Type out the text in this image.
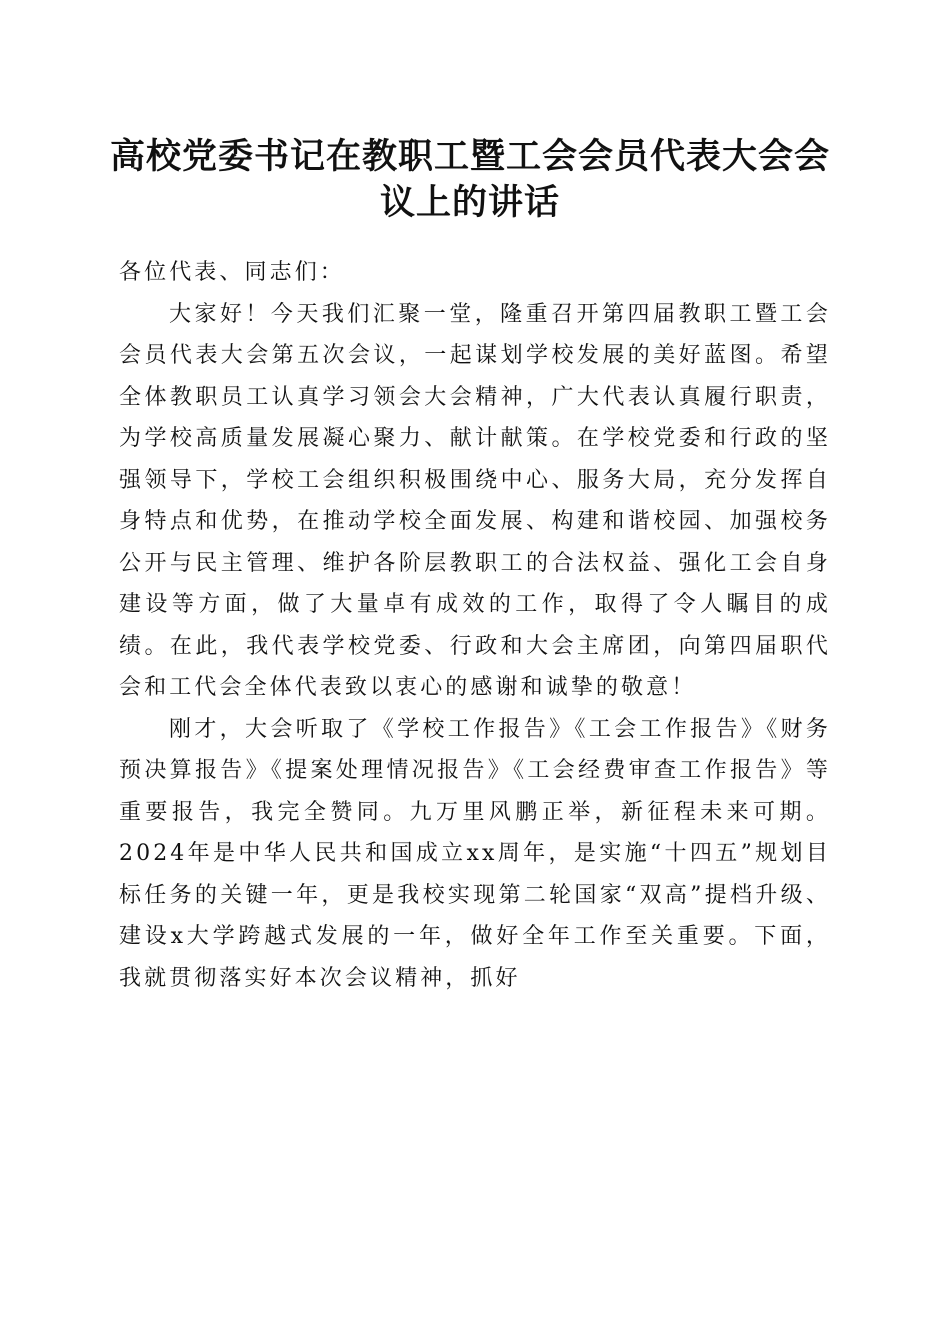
高校党委书记在教职工暨工会会员代表大会会
议上的讲话

各位代表、同志们：

大家好！今天我们汇聚一堂，隆重召开第四届教职工暨工会会员代表大会第五次会议，一起谋划学校发展的美好蓝图。希望全体教职员工认真学习领会大会精神，广大代表认真履行职责，为学校高质量发展凝心聚力、献计献策。在学校党委和行政的坚强领导下，学校工会组织积极围绕中心、服务大局，充分发挥自身特点和优势，在推动学校全面发展、构建和谐校园、加强校务公开与民主管理、维护各阶层教职工的合法权益、强化工会自身建设等方面，做了大量卓有成效的工作，取得了令人瞩目的成绩。在此，我代表学校党委、行政和大会主席团，向第四届职代会和工代会全体代表致以衷心的感谢和诚挚的敬意！

刚才，大会听取了《学校工作报告》《工会工作报告》《财务预决算报告》《提案处理情况报告》《工会经费审查工作报告》等重要报告，我完全赞同。九万里风鹏正举，新征程未来可期。2024年是中华人民共和国成立xx周年，是实施“十四五”规划目标任务的关键一年，更是我校实现第二轮国家“双高”提档升级、建设x大学跨越式发展的一年，做好全年工作至关重要。下面，我就贯彻落实好本次会议精神，抓好
